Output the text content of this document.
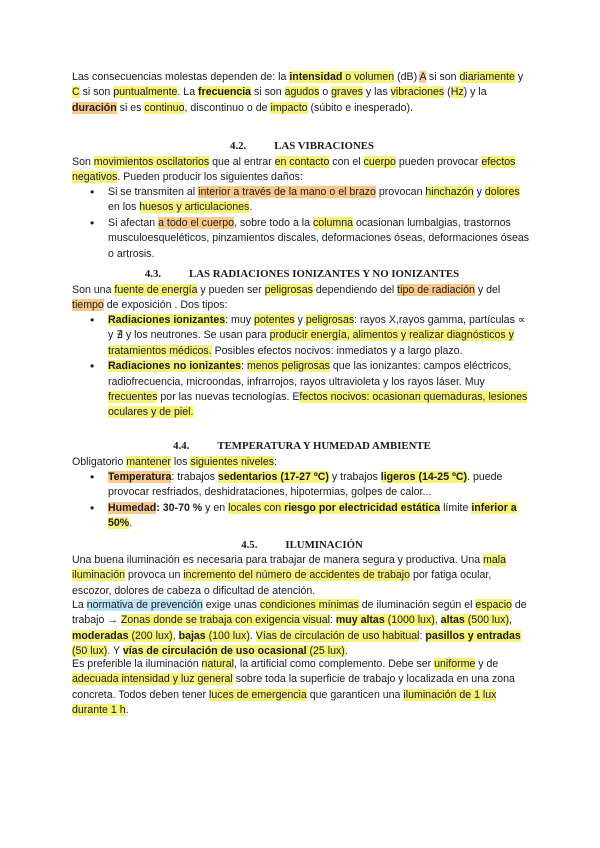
Las consecuencias molestas dependen de: la intensidad o volumen (dB) A si son diariamente y C si son puntualmente. La frecuencia si son agudos o graves y las vibraciones (Hz) y la duración si es continuo, discontinuo o de impacto (súbito e inesperado).

4.2.	LAS VIBRACIONES

Son movimientos oscilatorios que al entrar en contacto con el cuerpo pueden provocar efectos negativos. Pueden producir los siguientes daños:

• Si se transmiten al interior a través de la mano o el brazo provocan hinchazón y dolores en los huesos y articulaciones.
• Si afectan a todo el cuerpo, sobre todo a la columna ocasionan lumbalgias, trastornos musculoesqueléticos, pinzamientos discales, deformaciones óseas, deformaciones óseas o artrosis.
4.3.	LAS RADIACIONES IONIZANTES Y NO IONIZANTES

Son una fuente de energía y pueden ser peligrosas dependiendo del tipo de radiación y del tiempo de exposición . Dos tipos:

• Radiaciones ionizantes: muy potentes y peligrosas: rayos X,rayos gamma, partículas ∝ y ∄ y los neutrones. Se usan para producir energía, alimentos y realizar diagnósticos y tratamientos médicos. Posibles efectos nocivos: inmediatos y a largo plazo.
• Radiaciones no ionizantes: menos peligrosas que las ionizantes: campos eléctricos, radiofrecuencia, microondas, infrarrojos, rayos ultravioleta y los rayos láser. Muy frecuentes por las nuevas tecnologías. Efectos nocivos: ocasionan quemaduras, lesiones oculares y de piel.
4.4.	TEMPERATURA Y HUMEDAD AMBIENTE

Obligatorio mantener los siguientes niveles:

• Temperatura: trabajos sedentarios (17-27 ºC) y trabajos ligeros (14-25 ºC). puede provocar resfriados, deshidrataciones, hipotermias, golpes de calor...
• Humedad: 30-70 % y en locales con riesgo por electricidad estática límite inferior a 50%.
4.5.	ILUMINACIÓN

Una buena iluminación es necesaria para trabajar de manera segura y productiva. Una mala iluminación provoca un incremento del número de accidentes de trabajo por fatiga ocular, escozor, dolores de cabeza o dificultad de atención.

La normativa de prevención exige unas condiciones mínimas de iluminación según el espacio de trabajo → Zonas donde se trabaja con exigencia visual: muy altas (1000 lux), altas (500 lux), moderadas (200 lux), bajas (100 lux). Vías de circulación de uso habitual: pasillos y entradas (50 lux). Y vías de circulación de uso ocasional (25 lux).

Es preferible la iluminación natural, la artificial como complemento. Debe ser uniforme y de adecuada intensidad y luz general sobre toda la superficie de trabajo y localizada en una zona concreta. Todos deben tener luces de emergencia que garanticen una iluminación de 1 lux durante 1 h.
